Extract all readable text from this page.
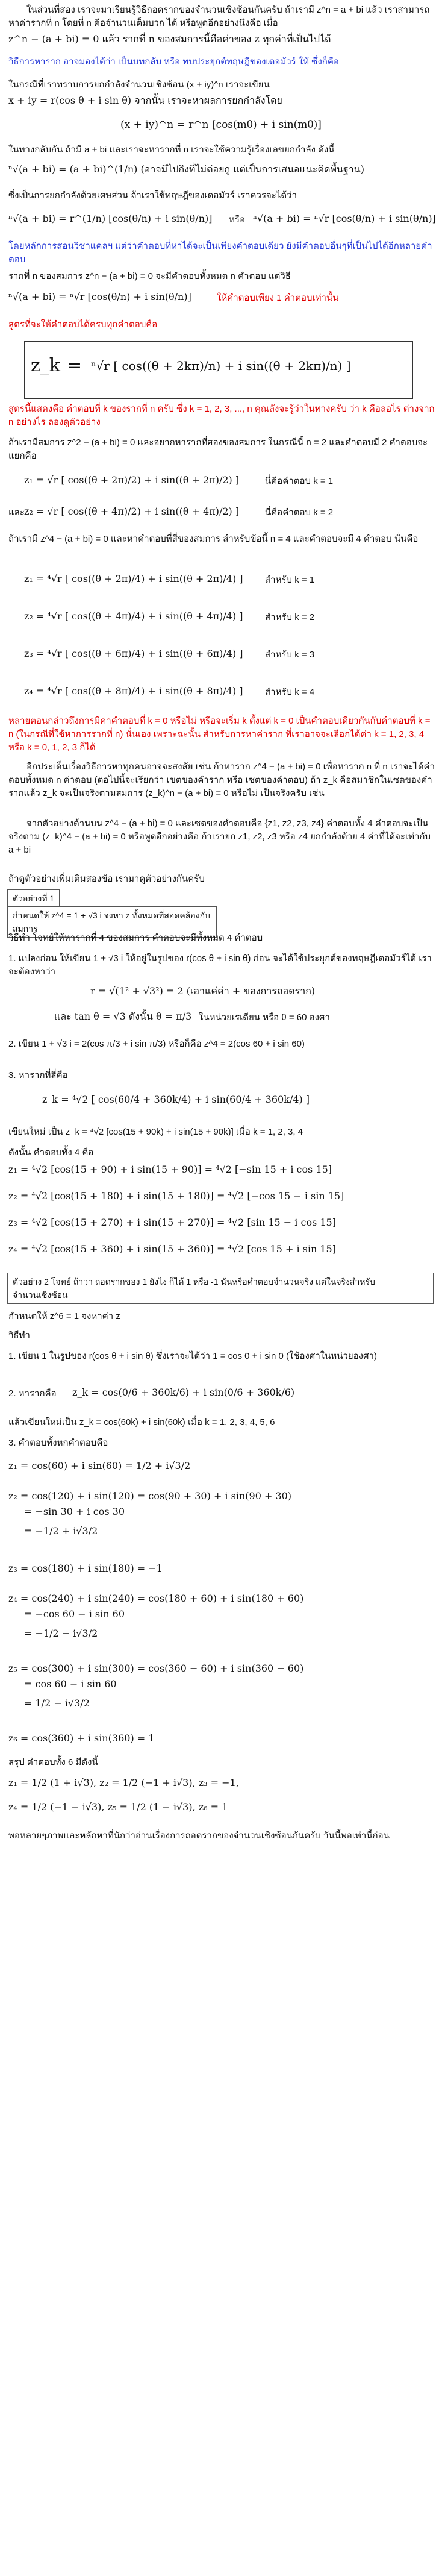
ในส่วนที่สอง เราจะมาเรียนรู้วิธีถอดรากของจำนวนเชิงซ้อนกันครับ ถ้าเรามี z^n = a + bi แล้ว เราสามารถหาค่ารากที่ n โดยที่ n คือจำนวนเต็มบวก ได้ หรือพูดอีกอย่างนึงคือ เมื่อ
z^n − (a + bi) = 0 แล้ว รากที่ n ของสมการนี้คือค่าของ z ทุกค่าที่เป็นไปได้
วิธีการหาราก อาจมองได้ว่า เป็นบทกลับ หรือ ทบประยุกต์ทฤษฎีของเดอมัวร์ ให้ ซึ่งก็คือ
ในกรณีที่เราทราบการยกกำลังจำนวนเชิงซ้อน (x + iy)^n เราจะเขียน
x + iy = r(cos θ + i sin θ) จากนั้น เราจะหาผลการยกกำลังโดย
(x + iy)^n = r^n [cos(mθ) + i sin(mθ)]
ในทางกลับกัน ถ้ามี a + bi และเราจะหารากที่ n เราจะใช้ความรู้เรื่องเลขยกกำลัง ดังนี้
ⁿ√(a + bi) = (a + bi)^(1/n) (อาจมีไปถึงที่ไม่ต่อยกู แต่เป็นการเสนอแนะคิดพื้นฐาน)
ซึ่งเป็นการยกกำลังด้วยเศษส่วน ถ้าเราใช้ทฤษฎีของเดอมัวร์ เราควรจะได้ว่า
ⁿ√(a + bi) = r^(1/n) [cos(θ/n) + i sin(θ/n)] หรือ ⁿ√(a + bi) = ⁿ√r [cos(θ/n) + i sin(θ/n)]
โดยหลักการสอนวิชาแคลฯ แต่ว่าคำตอบที่หาได้จะเป็นเพียงคำตอบเดียว ยังมีคำตอบอื่นๆที่เป็นไปได้อีกหลายคำตอบ
รากที่ n ของสมการ z^n − (a + bi) = 0 จะมีคำตอบทั้งหมด n คำตอบ แต่วิธี
ⁿ√(a + bi) = ⁿ√r [cos(θ/n) + i sin(θ/n)]	ให้คำตอบเพียง 1 คำตอบเท่านั้น
สูตรที่จะให้คำตอบได้ครบทุกคำตอบคือ
z_k = ⁿ√r [ cos((θ + 2kπ)/n) + i sin((θ + 2kπ)/n) ]
สูตรนี้แสดงคือ คำตอบที่ k ของรากที่ n ครับ ซึ่ง k = 1, 2, 3, ..., n คุณลังจะรู้ว่าในทางครับ ว่า k คือลอไร ต่างจาก n อย่างไร ลองดูตัวอย่าง
ถ้าเรามีสมการ z^2 − (a + bi) = 0 และอยากหารากที่สองของสมการ ในกรณีนี้ n = 2 และคำตอบมี 2 คำตอบจะแยกคือ
z₁ = √r [ cos((θ + 2π)/2) + i sin((θ + 2π)/2) ]	นี่คือคำตอบ k = 1
และ z₂ = √r [ cos((θ + 4π)/2) + i sin((θ + 4π)/2) ]	นี่คือคำตอบ k = 2
ถ้าเรามี z^4 − (a + bi) = 0 และหาคำตอบที่สี่ของสมการ สำหรับข้อนี้ n = 4 และคำตอบจะมี 4 คำตอบ นั่นคือ
z₁ = ⁴√r [ cos((θ + 2π)/4) + i sin((θ + 2π)/4) ] สำหรับ k = 1
z₂ = ⁴√r [ cos((θ + 4π)/4) + i sin((θ + 4π)/4) ] สำหรับ k = 2
z₃ = ⁴√r [ cos((θ + 6π)/4) + i sin((θ + 6π)/4) ] สำหรับ k = 3
z₄ = ⁴√r [ cos((θ + 8π)/4) + i sin((θ + 8π)/4) ] สำหรับ k = 4
หลายตอนกล่าวถึงการมีค่าคำตอบที่ k = 0 หรือไม่ หรือจะเริ่ม k ตั้งแต่ k = 0 เป็นคำตอบเดียวกันกับคำตอบที่ k = n (ในกรณีที่ใช้หาการรากที่ n) นั่นเอง เพราะฉะนั้น สำหรับการหาค่าราก ที่เราอาจจะเลือกได้ค่า k = 1, 2, 3, 4 หรือ k = 0, 1, 2, 3 ก็ได้
อีกประเด็นเรื่องวิธีการหาทุกคนอาจจะสงสัย เช่น ถ้าหาราก z^4 − (a + bi) = 0 เพื่อหาราก n ที่ n เราจะได้คำตอบทั้งหมด n ค่าตอบ (ต่อไปนี้จะเรียกว่า เขตของคำราก หรือ เซตของคำตอบ) ถ้า z_k คือสมาชิกในเซตของคำรากแล้ว z_k จะเป็นจริงตามสมการ (z_k)^n − (a + bi) = 0 หรือไม่ เป็นจริงครับ เช่น
จากตัวอย่างด้านบน z^4 − (a + bi) = 0 และเซตของคำตอบคือ {z1, z2, z3, z4} ค่าตอบทั้ง 4 คำตอบจะเป็นจริงตาม (z_k)^4 − (a + bi) = 0 หรือพูดอีกอย่างคือ ถ้าเรายก z1, z2, z3 หรือ z4 ยกกำลังด้วย 4 ค่าที่ได้จะเท่ากับ a + bi
ถ้าดูตัวอย่างเพิ่มเติมสองข้อ เรามาดูตัวอย่างกันครับ
ตัวอย่างที่ 1
กำหนดให้ z^4 = 1 + √3 i จงหา z ทั้งหมดที่สอดคล้องกับสมการ
วิธีทำ โจทย์ให้หารากที่ 4 ของสมการ คำตอบจะมีทั้งหมด 4 คำตอบ
1. แปลงก่อน ให้เขียน 1 + √3 i ให้อยู่ในรูปของ r(cos θ + i sin θ) ก่อน จะได้ใช้ประยุกต์ของทฤษฎีเดอมัวร์ได้ เราจะต้องหาว่า
r = √(1² + √3²) = 2 (เอาแค่ค่า + ของการถอดราก)
และ tan θ = √3 ดังนั้น θ = π/3 ในหน่วยเรเดียน หรือ θ = 60 องศา
2. เขียน 1 + √3 i = 2(cos π/3 + i sin π/3) หรือก็คือ z^4 = 2(cos 60 + i sin 60)
3. หารากที่สี่คือ
z_k = ⁴√2 [ cos(60/4 + 360k/4) + i sin(60/4 + 360k/4) ]
เขียนใหม่ เป็น z_k = ⁴√2 [cos(15 + 90k) + i sin(15 + 90k)] เมื่อ k = 1, 2, 3, 4
ดังนั้น คำตอบทั้ง 4 คือ
z₁ = ⁴√2 [cos(15 + 90) + i sin(15 + 90)] = ⁴√2 [−sin 15 + i cos 15]
z₂ = ⁴√2 [cos(15 + 180) + i sin(15 + 180)] = ⁴√2 [−cos 15 − i sin 15]
z₃ = ⁴√2 [cos(15 + 270) + i sin(15 + 270)] = ⁴√2 [sin 15 − i cos 15]
z₄ = ⁴√2 [cos(15 + 360) + i sin(15 + 360)] = ⁴√2 [cos 15 + i sin 15]
ตัวอย่าง 2 โจทย์ ถ้าว่า ถอดรากของ 1 ยังไง ก็ได้ 1 หรือ -1 นั่นหรือคำตอบจำนวนจริง แต่ในจริงสำหรับจำนวนเชิงซ้อน
กำหนดให้ z^6 = 1 จงหาค่า z
วิธีทำ
1. เขียน 1 ในรูปของ r(cos θ + i sin θ) ซึ่งเราจะได้ว่า 1 = cos 0 + i sin 0 (ใช้องศาในหน่วยองศา)
2. หารากคือ z_k = cos(0/6 + 360k/6) + i sin(0/6 + 360k/6)
แล้วเขียนใหม่เป็น z_k = cos(60k) + i sin(60k) เมื่อ k = 1, 2, 3, 4, 5, 6
3. คำตอบทั้งหกคำตอบคือ
z₁ = cos(60) + i sin(60) = 1/2 + i√3/2
z₂ = cos(120) + i sin(120) = cos(90 + 30) + i sin(90 + 30)
= −sin 30 + i cos 30
= −1/2 + i√3/2
z₃ = cos(180) + i sin(180) = −1
z₄ = cos(240) + i sin(240) = cos(180 + 60) + i sin(180 + 60)
= −cos 60 − i sin 60
= −1/2 − i√3/2
z₅ = cos(300) + i sin(300) = cos(360 − 60) + i sin(360 − 60)
= cos 60 − i sin 60
= 1/2 − i√3/2
z₆ = cos(360) + i sin(360) = 1
สรุป คำตอบทั้ง 6 มีดังนี้
z₁ = 1/2 (1 + i√3), z₂ = 1/2 (−1 + i√3), z₃ = −1,
z₄ = 1/2 (−1 − i√3), z₅ = 1/2 (1 − i√3), z₆ = 1
พอหลายๆภาพและหลักหาที่นักว่าอ่านเรื่องการถอดรากของจำนวนเชิงซ้อนกันครับ วันนี้พอเท่านี้ก่อน
